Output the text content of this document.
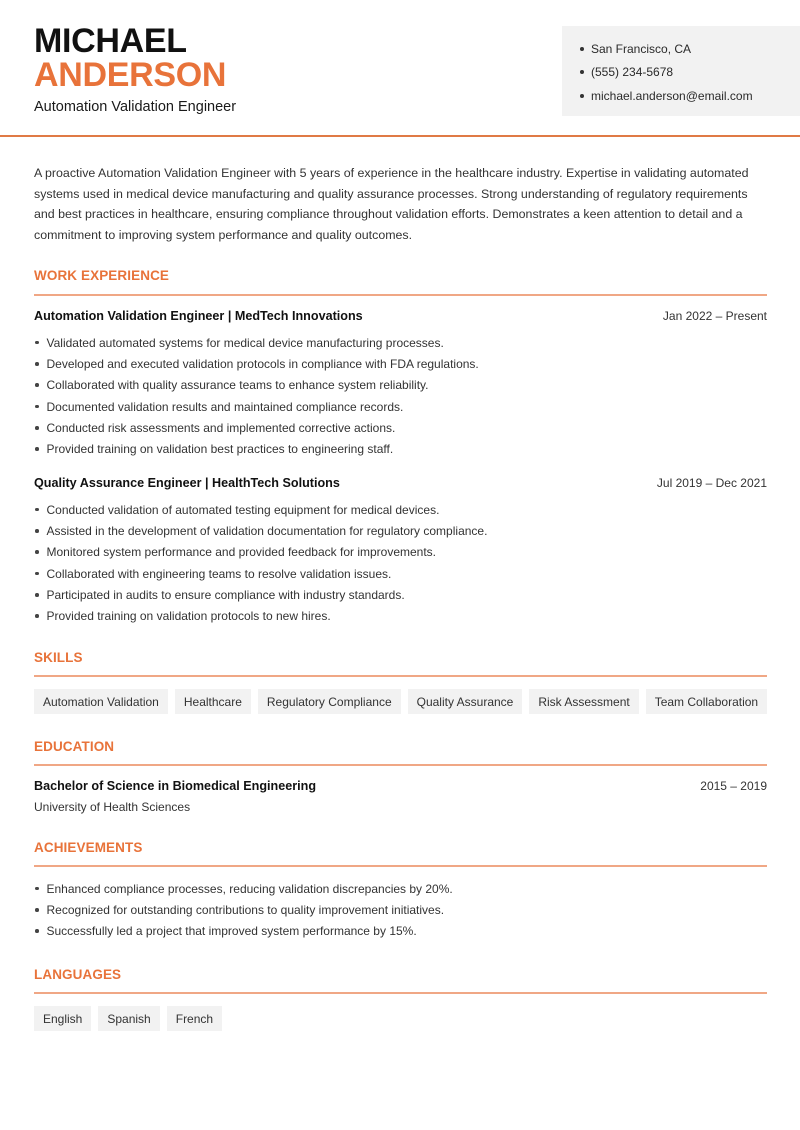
MICHAEL
ANDERSON
Automation Validation Engineer
San Francisco, CA
(555) 234-5678
michael.anderson@email.com

A proactive Automation Validation Engineer with 5 years of experience in the healthcare industry. Expertise in validating automated systems used in medical device manufacturing and quality assurance processes. Strong understanding of regulatory requirements and best practices in healthcare, ensuring compliance throughout validation efforts. Demonstrates a keen attention to detail and a commitment to improving system performance and quality outcomes.

WORK EXPERIENCE
Automation Validation Engineer | MedTech Innovations	Jan 2022 – Present
Validated automated systems for medical device manufacturing processes.
Developed and executed validation protocols in compliance with FDA regulations.
Collaborated with quality assurance teams to enhance system reliability.
Documented validation results and maintained compliance records.
Conducted risk assessments and implemented corrective actions.
Provided training on validation best practices to engineering staff.
Quality Assurance Engineer | HealthTech Solutions	Jul 2019 – Dec 2021
Conducted validation of automated testing equipment for medical devices.
Assisted in the development of validation documentation for regulatory compliance.
Monitored system performance and provided feedback for improvements.
Collaborated with engineering teams to resolve validation issues.
Participated in audits to ensure compliance with industry standards.
Provided training on validation protocols to new hires.
SKILLS
Automation Validation	Healthcare	Regulatory Compliance	Quality Assurance	Risk Assessment	Team Collaboration
EDUCATION
Bachelor of Science in Biomedical Engineering	2015 – 2019
University of Health Sciences
ACHIEVEMENTS
Enhanced compliance processes, reducing validation discrepancies by 20%.
Recognized for outstanding contributions to quality improvement initiatives.
Successfully led a project that improved system performance by 15%.
LANGUAGES
English	Spanish	French
